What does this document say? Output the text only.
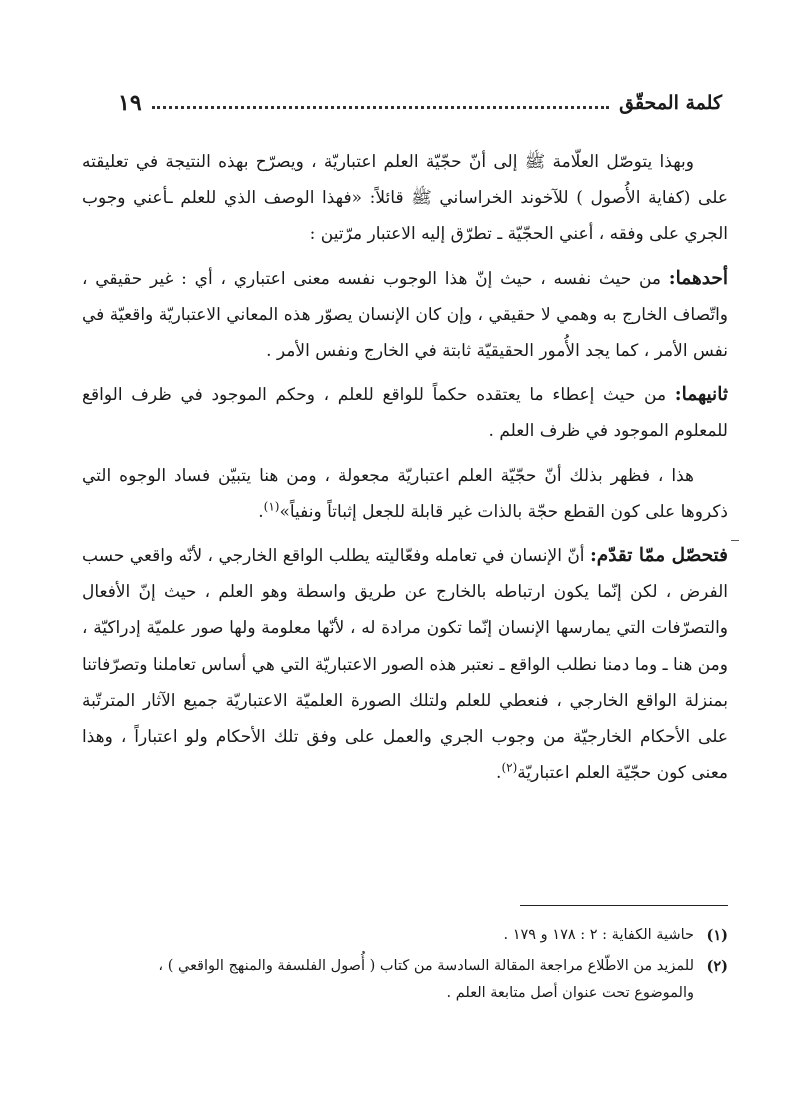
كلمة المحقّق
١٩

وبهذا يتوصّل العلّامة ﷺ إلى أنّ حجّيّة العلم اعتباريّة ، ويصرّح بهذه النتيجة في تعليقته على (كفاية الأُصول ) للآخوند الخراساني ﷺ قائلاً: «فهذا الوصف الذي للعلم ـأعني وجوب الجري على وفقه ، أعني الحجّيّة ـ تطرّق إليه الاعتبار مرّتين :

أحدهما: من حيث نفسه ، حيث إنّ هذا الوجوب نفسه معنى اعتباري ، أي : غير حقيقي ، واتّصاف الخارج به وهمي لا حقيقي ، وإن كان الإنسان يصوّر هذه المعاني الاعتباريّة واقعيّة في نفس الأمر ، كما يجد الأُمور الحقيقيّة ثابتة في الخارج ونفس الأمر .

ثانيهما: من حيث إعطاء ما يعتقده حكماً للواقع للعلم ، وحكم الموجود في ظرف الواقع للمعلوم الموجود في ظرف العلم .

هذا ، فظهر بذلك أنّ حجّيّة العلم اعتباريّة مجعولة ، ومن هنا يتبيّن فساد الوجوه التي ذكروها على كون القطع حجّة بالذات غير قابلة للجعل إثباتاً ونفياً»$^{(١)}$.

فتحصّل ممّا تقدّم: أنّ الإنسان في تعامله وفعّاليته يطلب الواقع الخارجي ، لأنّه واقعي حسب الفرض ، لكن إنّما يكون ارتباطه بالخارج عن طريق واسطة وهو العلم ، حيث إنّ الأفعال والتصرّفات التي يمارسها الإنسان إنّما تكون مرادة له ، لأنّها معلومة ولها صور علميّة إدراكيّة ، ومن هنا ـ وما دمنا نطلب الواقع ـ نعتبر هذه الصور الاعتباريّة التي هي أساس تعاملنا وتصرّفاتنا بمنزلة الواقع الخارجي ، فنعطي للعلم ولتلك الصورة العلميّة الاعتباريّة جميع الآثار المترتّبة على الأحكام الخارجيّة من وجوب الجري والعمل على وفق تلك الأحكام ولو اعتباراً ، وهذا معنى كون حجّيّة العلم اعتباريّة$^{(٢)}$.

(١)
حاشية الكفاية : ٢ : ١٧٨ و ١٧٩ .
(٢)
للمزيد من الاطّلاع مراجعة المقالة السادسة من كتاب ( أُصول الفلسفة والمنهج الواقعي ) ، والموضوع تحت عنوان أصل متابعة العلم .
